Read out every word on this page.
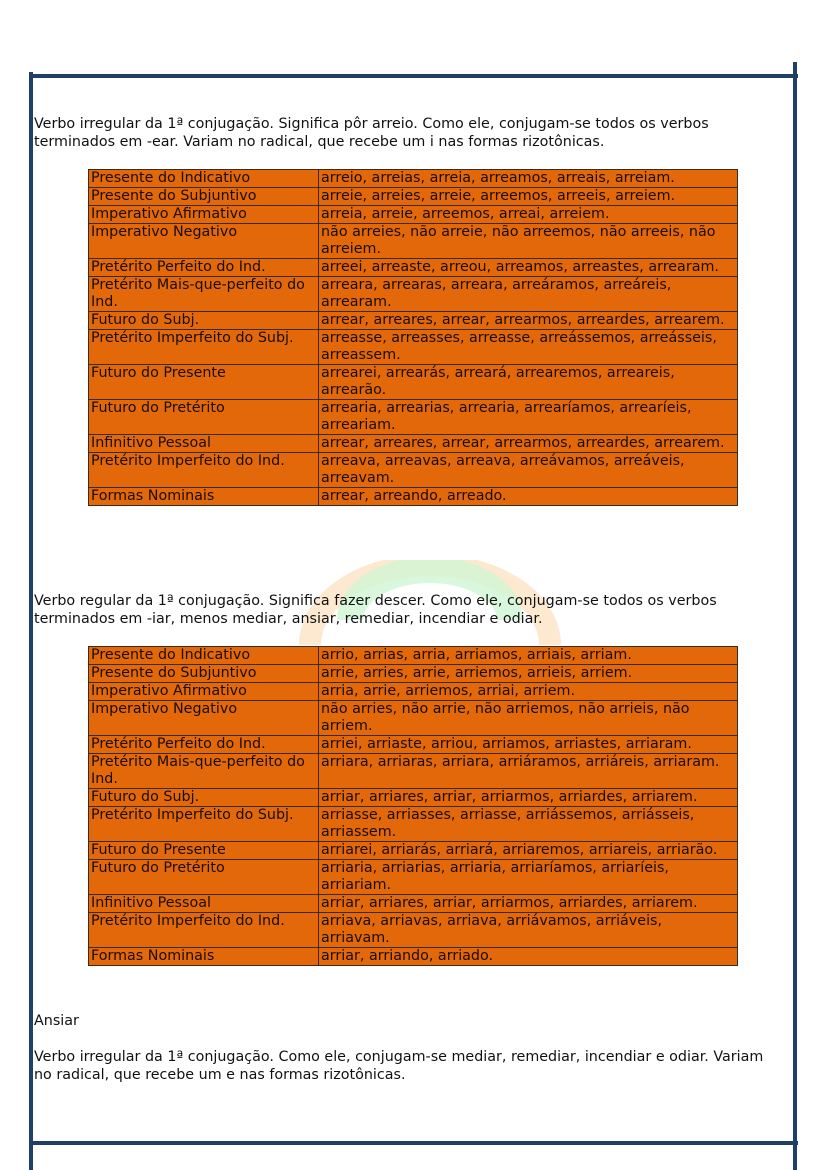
Verbo irregular da 1ª conjugação. Significa pôr arreio. Como ele, conjugam-se todos os verbos terminados em -ear. Variam no radical, que recebe um i nas formas rizotônicas.

Presente do Indicativo	arreio, arreias, arreia, arreamos, arreais, arreiam.
Presente do Subjuntivo	arreie, arreies, arreie, arreemos, arreeis, arreiem.
Imperativo Afirmativo	arreia, arreie, arreemos, arreai, arreiem.
Imperativo Negativo	não arreies, não arreie, não arreemos, não arreeis, não arreiem.
Pretérito Perfeito do Ind.	arreei, arreaste, arreou, arreamos, arreastes, arrearam.
Pretérito Mais-que-perfeito do Ind.	arreara, arrearas, arreara, arreáramos, arreáreis, arrearam.
Futuro do Subj.	arrear, arreares, arrear, arrearmos, arreardes, arrearem.
Pretérito Imperfeito do Subj.	arreasse, arreasses, arreasse, arreássemos, arreásseis, arreassem.
Futuro do Presente	arrearei, arrearás, arreará, arrearemos, arreareis, arrearão.
Futuro do Pretérito	arrearia, arrearias, arrearia, arrearíamos, arrearíeis, arreariam.
Infinitivo Pessoal	arrear, arreares, arrear, arrearmos, arreardes, arrearem.
Pretérito Imperfeito do Ind.	arreava, arreavas, arreava, arreávamos, arreáveis, arreavam.
Formas Nominais	arrear, arreando, arreado.

Verbo regular da 1ª conjugação. Significa fazer descer. Como ele, conjugam-se todos os verbos terminados em -iar, menos mediar, ansiar, remediar, incendiar e odiar.

Presente do Indicativo	arrio, arrias, arria, arriamos, arriais, arriam.
Presente do Subjuntivo	arrie, arries, arrie, arriemos, arrieis, arriem.
Imperativo Afirmativo	arria, arrie, arriemos, arriai, arriem.
Imperativo Negativo	não arries, não arrie, não arriemos, não arrieis, não arriem.
Pretérito Perfeito do Ind.	arriei, arriaste, arriou, arriamos, arriastes, arriaram.
Pretérito Mais-que-perfeito do Ind.	arriara, arriaras, arriara, arriáramos, arriáreis, arriaram.
Futuro do Subj.	arriar, arriares, arriar, arriarmos, arriardes, arriarem.
Pretérito Imperfeito do Subj.	arriasse, arriasses, arriasse, arriássemos, arriásseis, arriassem.
Futuro do Presente	arriarei, arriarás, arriará, arriaremos, arriareis, arriarão.
Futuro do Pretérito	arriaria, arriarias, arriaria, arriaríamos, arriaríeis, arriariam.
Infinitivo Pessoal	arriar, arriares, arriar, arriarmos, arriardes, arriarem.
Pretérito Imperfeito do Ind.	arriava, arriavas, arriava, arriávamos, arriáveis, arriavam.
Formas Nominais	arriar, arriando, arriado.

Ansiar

Verbo irregular da 1ª conjugação. Como ele, conjugam-se mediar, remediar, incendiar e odiar. Variam no radical, que recebe um e nas formas rizotônicas.
